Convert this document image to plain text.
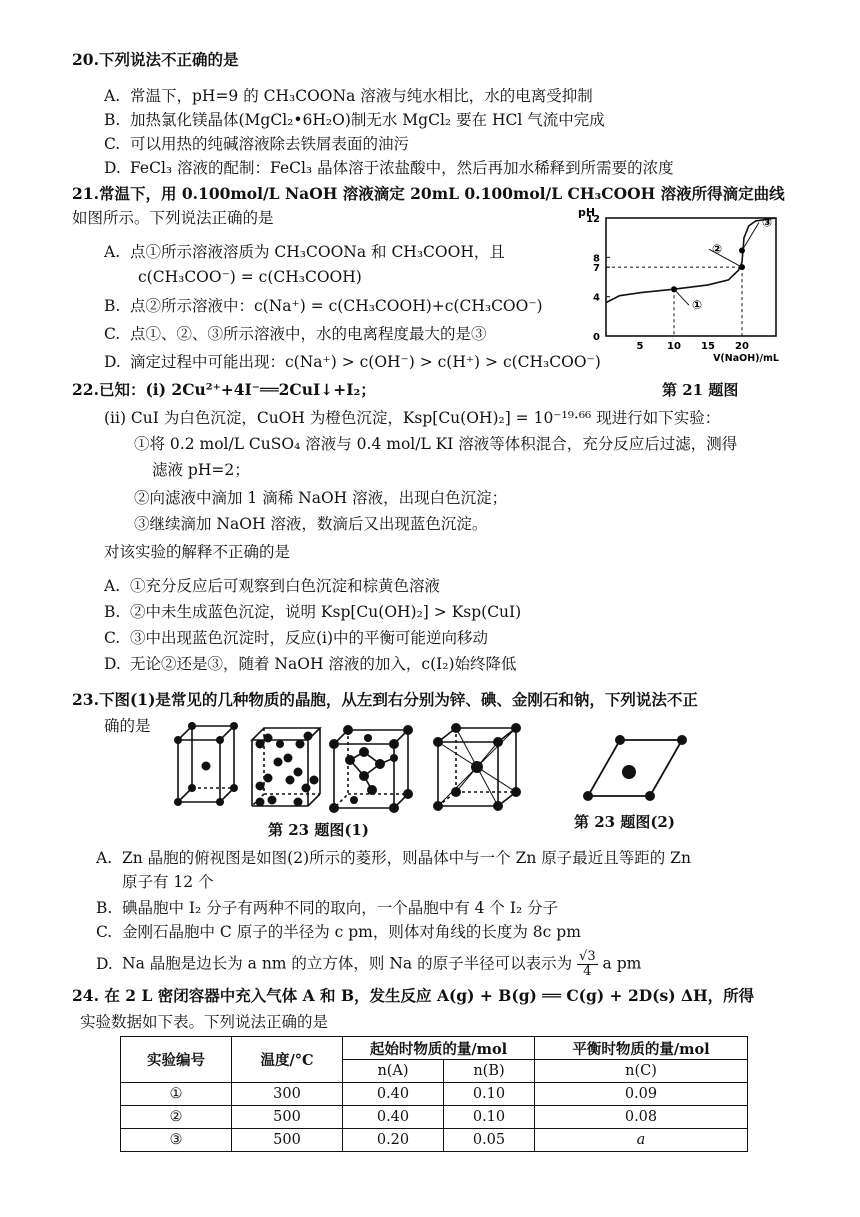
20.下列说法不正确的是
A. 常温下，pH=9 的 CH₃COONa 溶液与纯水相比，水的电离受抑制
B. 加热氯化镁晶体(MgCl₂•6H₂O)制无水 MgCl₂ 要在 HCl 气流中完成
C. 可以用热的纯碱溶液除去铁屑表面的油污
D. FeCl₃ 溶液的配制：FeCl₃ 晶体溶于浓盐酸中，然后再加水稀释到所需要的浓度
21.常温下，用 0.100mol/L NaOH 溶液滴定 20mL 0.100mol/L CH₃COOH 溶液所得滴定曲线
如图所示。下列说法正确的是
A. 点①所示溶液溶质为 CH₃COONa 和 CH₃COOH，且
c(CH₃COO⁻) = c(CH₃COOH)
B. 点②所示溶液中：c(Na⁺) = c(CH₃COOH)+c(CH₃COO⁻)
C. 点①、②、③所示溶液中，水的电离程度最大的是③
D. 滴定过程中可能出现：c(Na⁺) > c(OH⁻) > c(H⁺) > c(CH₃COO⁻)
pH
0
4
7
8
12
5 10 15 20
V(NaOH)/mL
①
②
③
第 21 题图
22.已知：(i) 2Cu²⁺+4I⁻══2CuI↓+I₂；
(ii) CuI 为白色沉淀，CuOH 为橙色沉淀，Ksp[Cu(OH)₂] = 10⁻¹⁹·⁶⁶ 现进行如下实验：
①将 0.2 mol/L CuSO₄ 溶液与 0.4 mol/L KI 溶液等体积混合，充分反应后过滤，测得
滤液 pH=2；
②向滤液中滴加 1 滴稀 NaOH 溶液，出现白色沉淀；
③继续滴加 NaOH 溶液，数滴后又出现蓝色沉淀。
对该实验的解释不正确的是
A. ①充分反应后可观察到白色沉淀和棕黄色溶液
B. ②中未生成蓝色沉淀，说明 Ksp[Cu(OH)₂] > Ksp(CuI)
C. ③中出现蓝色沉淀时，反应(i)中的平衡可能逆向移动
D. 无论②还是③，随着 NaOH 溶液的加入，c(I₂)始终降低
23.下图(1)是常见的几种物质的晶胞，从左到右分别为锌、碘、金刚石和钠，下列说法不正
确的是
第 23 题图(1)	第 23 题图(2)
A. Zn 晶胞的俯视图是如图(2)所示的菱形，则晶体中与一个 Zn 原子最近且等距的 Zn
原子有 12 个
B. 碘晶胞中 I₂ 分子有两种不同的取向，一个晶胞中有 4 个 I₂ 分子
C. 金刚石晶胞中 C 原子的半径为 c pm，则体对角线的长度为 8c pm
D. Na 晶胞是边长为 a nm 的立方体，则 Na 的原子半径可以表示为 $\frac{√3}{4}$ a pm
24. 在 2 L 密闭容器中充入气体 A 和 B，发生反应 A(g) + B(g) ══ C(g) + 2D(s) ΔH，所得
实验数据如下表。下列说法正确的是
实验编号	温度/°C	起始时物质的量/mol		平衡时物质的量/mol
		n(A)	n(B)	n(C)
①	300	0.40	0.10	0.09
②	500	0.40	0.10	0.08
③	500	0.20	0.05	a
